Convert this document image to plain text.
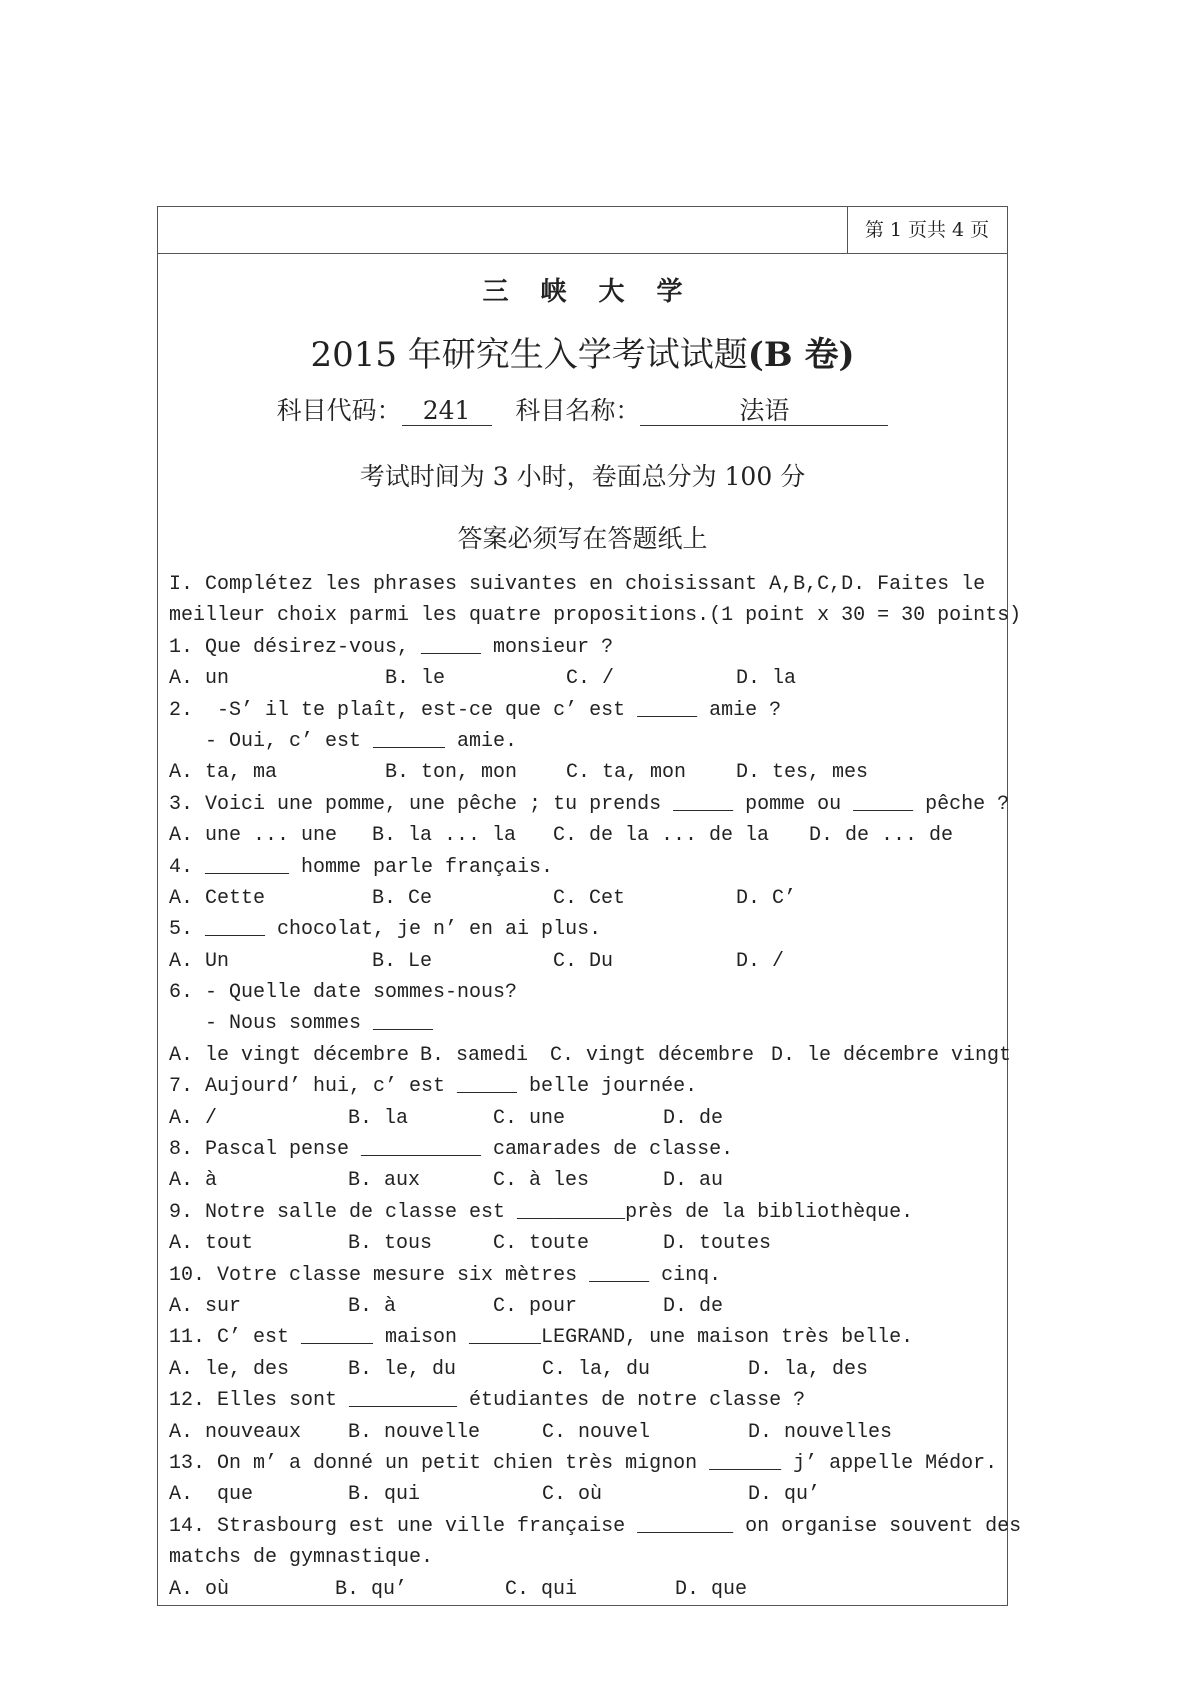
第 1 页共 4 页
三 峡 大 学
2015 年研究生入学考试试题(B 卷)
科目代码： 241 科目名称：	法语
考试时间为 3 小时，卷面总分为 100 分
答案必须写在答题纸上
I. Complétez les phrases suivantes en choisissant A,B,C,D. Faites le
meilleur choix parmi les quatre propositions.(1 point x 30 = 30 points)
1. Que désirez-vous, _____ monsieur ?
A. un	B. le	C. /	D. la
2.  -S’ il te plaît, est-ce que c’ est _____ amie ?
- Oui, c’ est ______ amie.
A. ta, ma	B. ton, mon C. ta, mon D. tes, mes
3. Voici une pomme, une pêche ; tu prends _____ pomme ou _____ pêche ?
A. une ... une B. la ... la C. de la ... de la D. de ... de
4. _______ homme parle français.
A. Cette	B. Ce	C. Cet	D. C’
5. _____ chocolat, je n’ en ai plus.
A. Un	B. Le	C. Du	D. /
6. - Quelle date sommes-nous?
- Nous sommes _____
A. le vingt décembre B. samedi C. vingt décembre D. le décembre vingt
7. Aujourd’ hui, c’ est _____ belle journée.
A. /	B. la	C. une	D. de
8. Pascal pense __________ camarades de classe.
A. à	B. aux	C. à les	D. au
9. Notre salle de classe est _________près de la bibliothèque.
A. tout	B. tous	C. toute	D. toutes
10. Votre classe mesure six mètres _____ cinq.
A. sur	B. à	C. pour	D. de
11. C’ est ______ maison ______LEGRAND, une maison très belle.
A. le, des	B. le, du	C. la, du	D. la, des
12. Elles sont _________ étudiantes de notre classe ?
A. nouveaux B. nouvelle	C. nouvel	D. nouvelles
13. On m’ a donné un petit chien très mignon ______ j’ appelle Médor.
A.  que	B. qui	C. où	D. qu’
14. Strasbourg est une ville française ________ on organise souvent des
matchs de gymnastique.
A. où	B. qu’	C. qui	D. que
